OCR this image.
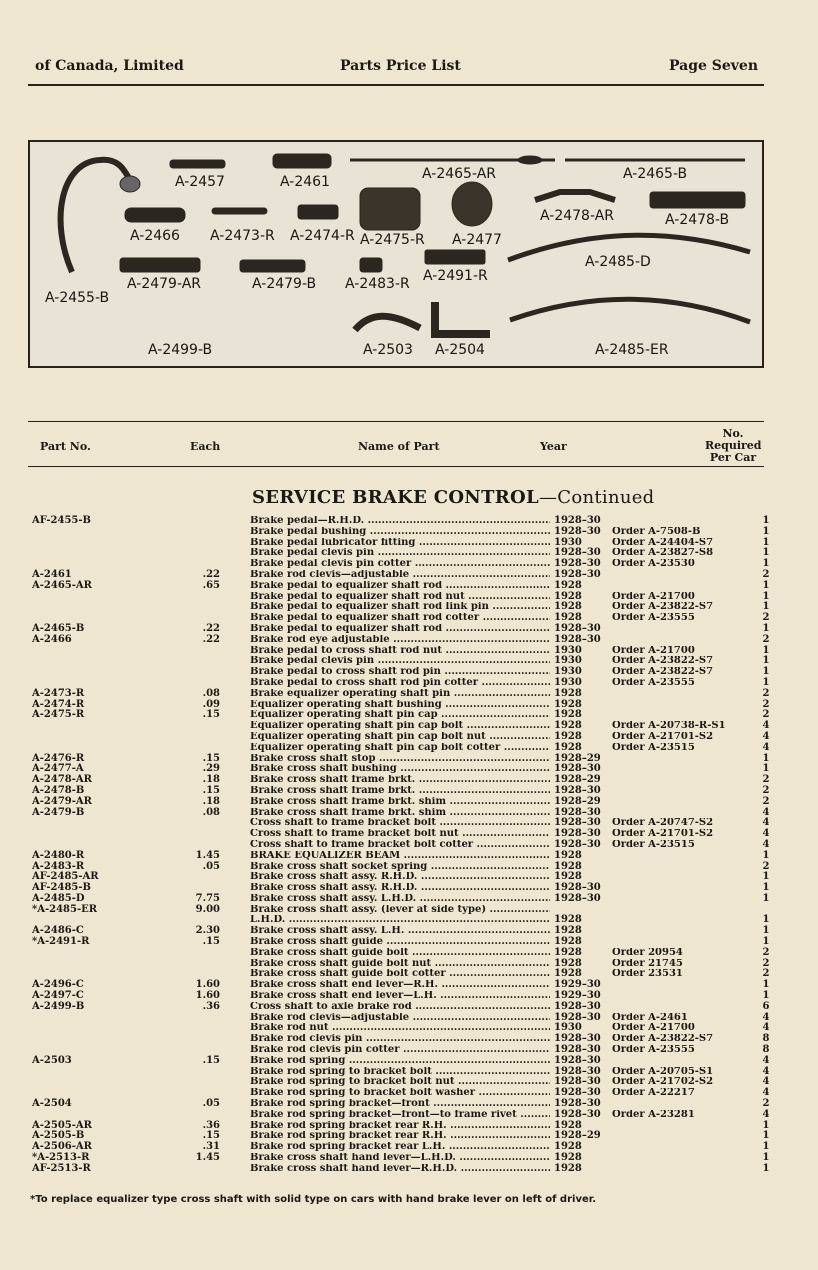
of Canada, Limited	Parts Price List	Page Seven
A-2457	A-2461	A-2465-AR	A-2465-B
A-2466 A-2473-R A-2474-R A-2475-R A-2477
A-2478-AR	A-2478-B
A-2485-D
A-2479-AR	A-2479-B A-2483-R A-2491-R
A-2455-B
A-2499-B	A-2503 A-2504	A-2485-ER
Part No.	Each	Name of Part	Year
No.
Required
Per Car
SERVICE BRAKE CONTROL—Continued
AF-2455-B	Brake pedal—R.H.D. .....	1928–30	1
Brake pedal bushing .....	1928–30	Order A-7508-B	1
Brake pedal lubricator fitting .....	1930	Order A-24404-S7	1
Brake pedal clevis pin .....	1928–30	Order A-23827-S8	1
Brake pedal clevis pin cotter .....	1928–30	Order A-23530	1
A-2461	.22	Brake rod clevis—adjustable .....	1928–30	2
A-2465-AR	.65	Brake pedal to equalizer shaft rod .....	1928	1
Brake pedal to equalizer shaft rod nut .....	1928	Order A-21700	1
Brake pedal to equalizer shaft rod link pin .....	1928	Order A-23822-S7	1
Brake pedal to equalizer shaft rod cotter .....	1928	Order A-23555	2
A-2465-B	.22	Brake pedal to equalizer shaft rod .....	1928–30	1
A-2466	.22	Brake rod eye adjustable .....	1928–30	2
Brake pedal to cross shaft rod nut .....	1930	Order A-21700	1
Brake pedal clevis pin .....	1930	Order A-23822-S7	1
Brake pedal to cross shaft rod pin .....	1930	Order A-23822-S7	1
Brake pedal to cross shaft rod pin cotter .....	1930	Order A-23555	1
A-2473-R	.08	Brake equalizer operating shaft pin .....	1928	2
A-2474-R	.09	Equalizer operating shaft bushing .....	1928	2
A-2475-R	.15	Equalizer operating shaft pin cap .....	1928	2
Equalizer operating shaft pin cap bolt .....	1928	Order A-20738-R-S1	4
Equalizer operating shaft pin cap bolt nut .....	1928	Order A-21701-S2	4
Equalizer operating shaft pin cap bolt cotter .....	1928	Order A-23515	4
A-2476-R	.15	Brake cross shaft stop .....	1928–29	1
A-2477-A	.29	Brake cross shaft bushing .....	1928–30	1
A-2478-AR	.18	Brake cross shaft frame brkt. .....	1928–29	2
A-2478-B	.15	Brake cross shaft frame brkt. .....	1928–30	2
A-2479-AR	.18	Brake cross shaft frame brkt. shim .....	1928–29	2
A-2479-B	.08	Brake cross shaft frame brkt. shim .....	1928–30	4
Cross shaft to frame bracket bolt .....	1928–30	Order A-20747-S2	4
Cross shaft to frame bracket bolt nut .....	1928–30	Order A-21701-S2	4
Cross shaft to frame bracket bolt cotter .....	1928–30	Order A-23515	4
A-2480-R	1.45	BRAKE EQUALIZER BEAM .....	1928	1
A-2483-R	.05	Brake cross shaft socket spring .....	1928	2
AF-2485-AR	Brake cross shaft assy. R.H.D. .....	1928	1
AF-2485-B	Brake cross shaft assy. R.H.D. .....	1928–30	1
A-2485-D	7.75	Brake cross shaft assy. L.H.D. .....	1928–30	1
*A-2485-ER	9.00	Brake cross shaft assy. (lever at side type) .....
L.H.D. .....	1928	1
A-2486-C	2.30	Brake cross shaft assy. L.H. .....	1928	1
*A-2491-R	.15	Brake cross shaft guide .....	1928	1
Brake cross shaft guide bolt .....	1928	Order 20954	2
Brake cross shaft guide bolt nut .....	1928	Order 21745	2
Brake cross shaft guide bolt cotter .....	1928	Order 23531	2
A-2496-C	1.60	Brake cross shaft end lever—R.H. .....	1929–30	1
A-2497-C	1.60	Brake cross shaft end lever—L.H. .....	1929–30	1
A-2499-B	.36	Cross shaft to axle brake rod .....	1928–30	6
Brake rod clevis—adjustable .....	1928–30	Order A-2461	4
Brake rod nut .....	1930	Order A-21700	4
Brake rod clevis pin .....	1928–30	Order A-23822-S7	8
Brake rod clevis pin cotter .....	1928–30	Order A-23555	8
A-2503	.15	Brake rod spring .....	1928–30	4
Brake rod spring to bracket bolt .....	1928–30	Order A-20705-S1	4
Brake rod spring to bracket bolt nut .....	1928–30	Order A-21702-S2	4
Brake rod spring to bracket bolt washer .....	1928–30	Order A-22217	4
A-2504	.05	Brake rod spring bracket—front .....	1928–30	2
Brake rod spring bracket—front—to frame rivet .....	1928–30	Order A-23281	4
A-2505-AR	.36	Brake rod spring bracket rear R.H. .....	1928	1
A-2505-B	.15	Brake rod spring bracket rear R.H. .....	1928–29	1
A-2506-AR	.31	Brake rod spring bracket rear L.H. .....	1928	1
*A-2513-R	1.45	Brake cross shaft hand lever—L.H.D. .....	1928	1
AF-2513-R	Brake cross shaft hand lever—R.H.D. .....	1928	1
*To replace equalizer type cross shaft with solid type on cars with hand brake lever on left of driver.
